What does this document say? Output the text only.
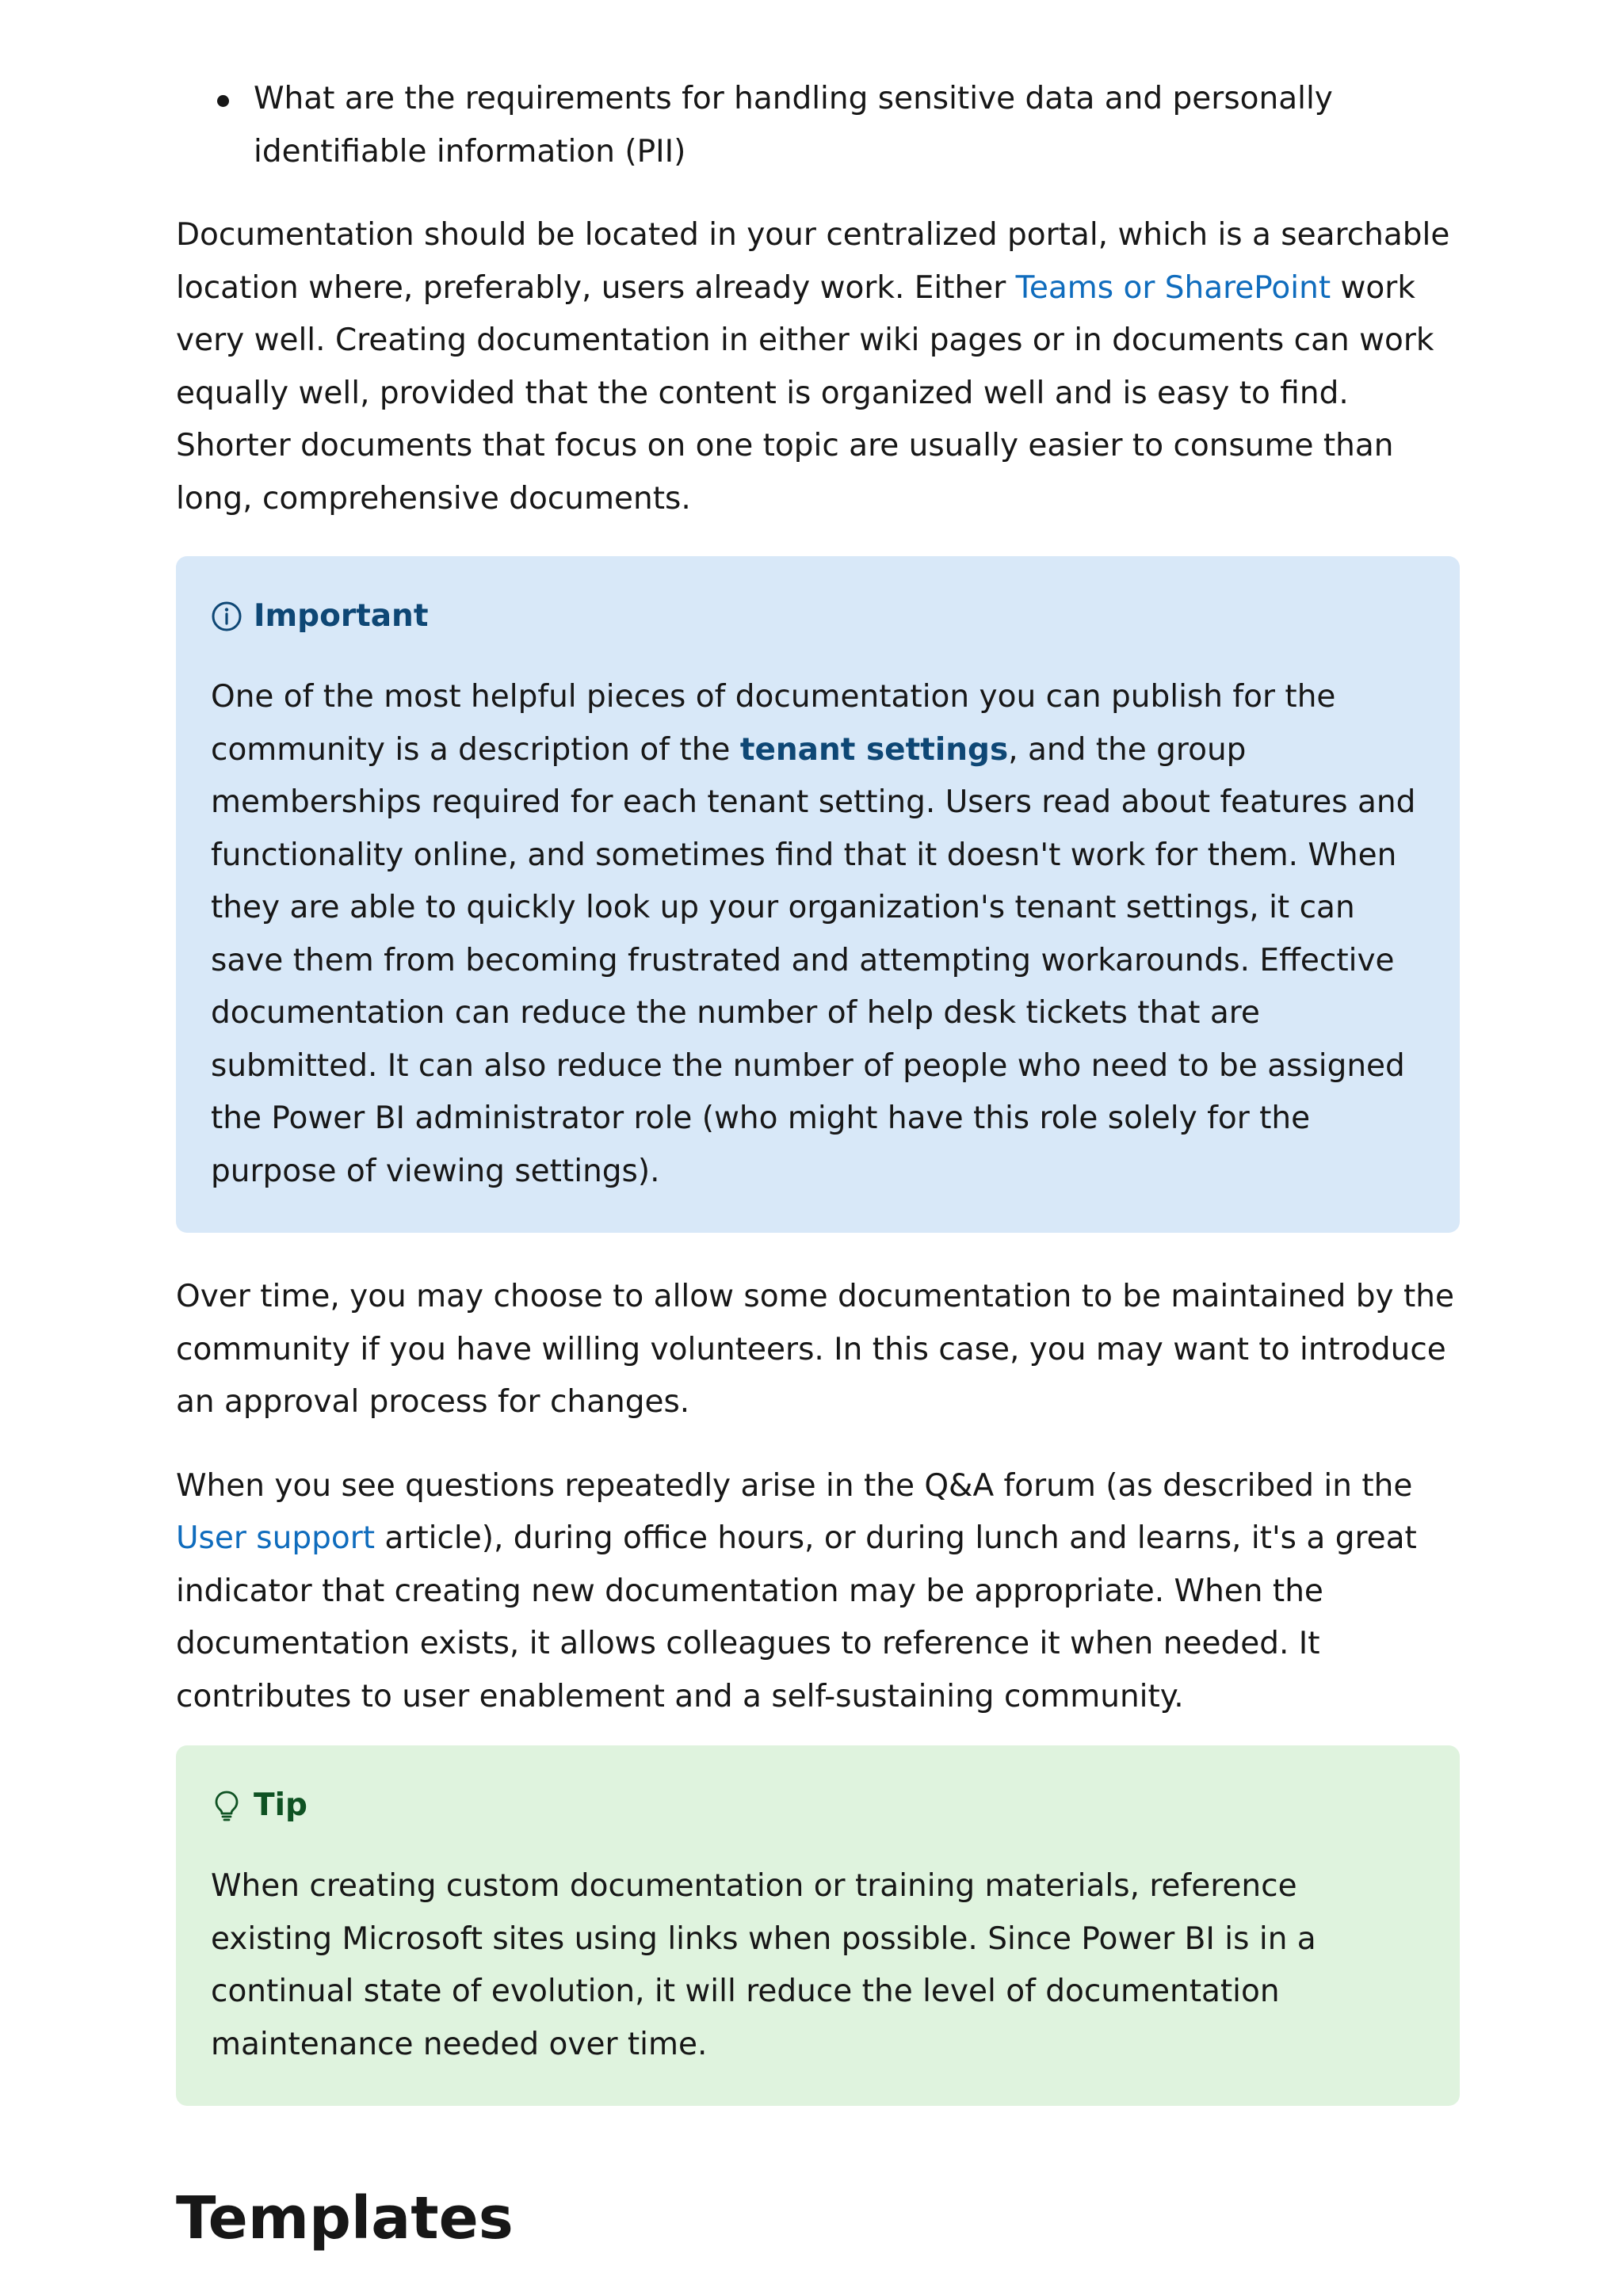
What are the requirements for handling sensitive data and personally identifiable information (PII)

Documentation should be located in your centralized portal, which is a searchable location where, preferably, users already work. Either Teams or SharePoint work very well. Creating documentation in either wiki pages or in documents can work equally well, provided that the content is organized well and is easy to find. Shorter documents that focus on one topic are usually easier to consume than long, comprehensive documents.

Important
One of the most helpful pieces of documentation you can publish for the community is a description of the tenant settings, and the group memberships required for each tenant setting. Users read about features and functionality online, and sometimes find that it doesn't work for them. When they are able to quickly look up your organization's tenant settings, it can save them from becoming frustrated and attempting workarounds. Effective documentation can reduce the number of help desk tickets that are submitted. It can also reduce the number of people who need to be assigned the Power BI administrator role (who might have this role solely for the purpose of viewing settings).

Over time, you may choose to allow some documentation to be maintained by the community if you have willing volunteers. In this case, you may want to introduce an approval process for changes.

When you see questions repeatedly arise in the Q&A forum (as described in the User support article), during office hours, or during lunch and learns, it's a great indicator that creating new documentation may be appropriate. When the documentation exists, it allows colleagues to reference it when needed. It contributes to user enablement and a self-sustaining community.

Tip
When creating custom documentation or training materials, reference existing Microsoft sites using links when possible. Since Power BI is in a continual state of evolution, it will reduce the level of documentation maintenance needed over time.
Templates
